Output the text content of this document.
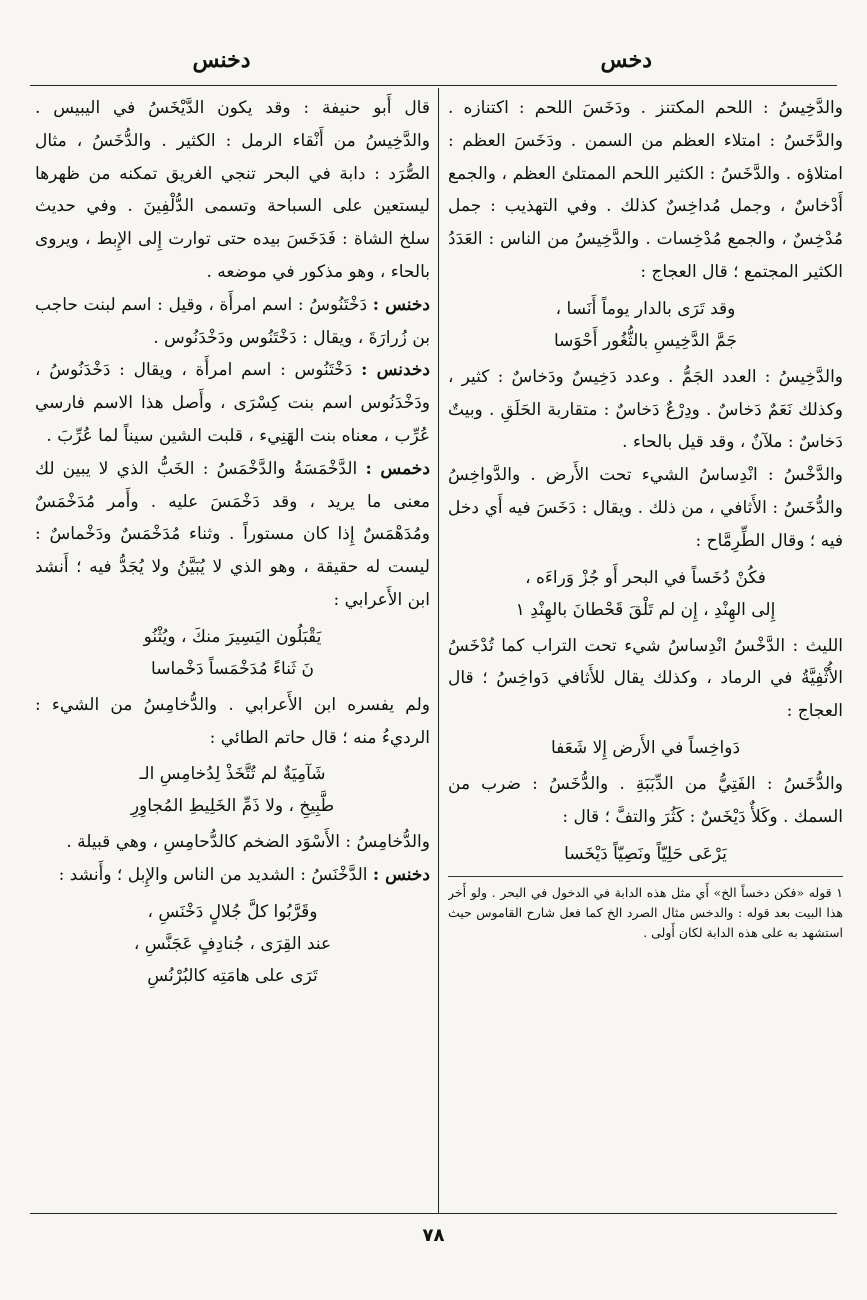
دخس
دخنس

والدَّخِيسُ : اللحم المكتنز . ودَخَسَ اللحم : اكتنازه . والدَّخَسُ : امتلاء العظم من السمن . ودَخَسَ العظم : امتلاؤه . والدَّخَسُ : الكثير اللحم الممتلئ العظم ، والجمع أَدْخاسٌ ، وجمل مُداخِسٌ كذلك . وفي التهذيب : جمل مُدْخِسٌ ، والجمع مُدْخِسات . والدَّخِيسُ من الناس : العَدَدُ الكثير المجتمع ؛ قال العجاج :

وقد تَرَى بالدار يوماً أَنَسا ،
جَمَّ الدَّخِيسِ بالثُّغُور أَحْوَسا

والدَّخِيسُ : العدد الجَمُّ . وعدد دَخِيسٌ ودَخاسٌ : كثير ، وكذلك نَعَمٌ دَخاسٌ . ودِرْعٌ دَخاسٌ : متقاربة الحَلَقِ . وبيتٌ دَخاسٌ : ملآنٌ ، وقد قيل بالحاء .

والدَّخْسُ : انْدِساسُ الشيء تحت الأَرض . والدَّواخِسُ والدُّخَسُ : الأَثافي ، من ذلك . ويقال : دَخَسَ فيه أَي دخل فيه ؛ وقال الطِّرِمَّاح :

فكُنْ دُخَساً في البحر أَو جُزْ وَراءَه ،
إِلى الهِنْدِ ، إِن لم تَلْقَ قَحْطانَ بالهِنْدِ ١

الليث : الدَّخْسُ انْدِساسُ شيء تحت التراب كما تُدْخَسُ الأُثْفِيَّةُ في الرماد ، وكذلك يقال للأَثافي دَواخِسُ ؛ قال العجاج :

دَواخِساً في الأَرض إِلا شَعَفا

والدُّخَسُ : الفَتِيُّ من الدِّبَبَةِ . والدُّخَسُ : ضرب من السمك . وكَلأٌ دَيْخَسٌ : كَثُرَ والتفَّ ؛ قال :

يَرْعَى حَلِيّاً ونَصِيّاً دَيْخَسا
١ قوله «فكن دخساً الخ» أَي مثل هذه الدابة في الدخول في البحر . ولو أَخر هذا البيت بعد قوله : والدخس مثال الصرد الخ كما فعل شارح القاموس حيث استشهد به على هذه الدابة لكان أَولى .

قال أَبو حنيفة : وقد يكون الدَّيْخَسُ في اليبيس . والدَّخِيسُ من أَنْقاء الرمل : الكثير . والدُّخَسُ ، مثال الصُّرَد : دابة في البحر تنجي الغريق تمكنه من ظهرها ليستعين على السباحة وتسمى الدُّلْفِينَ . وفي حديث سلخ الشاة : فَدَخَسَ بيده حتى توارت إِلى الإِبط ، ويروى بالحاء ، وهو مذكور في موضعه .

دخنس : دَخْتَنُوسُ : اسم امرأَة ، وقيل : اسم لبنت حاجب بن زُرارَةَ ، ويقال : دَخْتَنُوس ودَخْدَنُوس .

دخدنس : دَخْتَنُوس : اسم امرأَة ، ويقال : دَخْدَنُوسُ ، ودَخْدَنُوس اسم بنت كِسْرَى ، وأَصل هذا الاسم فارسي عُرِّب ، معناه بنت الهَنِيء ، قلبت الشين سيناً لما عُرِّبَ .

دخمس : الدَّخْمَسَةُ والدَّخْمَسُ : الخَبُّ الذي لا يبين لك معنى ما يريد ، وقد دَخْمَسَ عليه . وأَمر مُدَخْمَسٌ ومُدَهْمَسٌ إِذا كان مستوراً . وثناء مُدَخْمَسٌ ودَخْماسٌ : ليست له حقيقة ، وهو الذي لا يُبَيَّنُ ولا يُجَدُّ فيه ؛ أَنشد ابن الأَعرابي :

يَقْبَلُون اليَسِيرَ منكَ ، ويُثْنُو
نَ ثَناءً مُدَخْمَساً دَخْماسا

ولم يفسره ابن الأَعرابي . والدُّخامِسُ من الشيء : الرديءُ منه ؛ قال حاتم الطائي :

شَآمِيَةٌ لم تُتَّخَذْ لِدُخامِسِ الـ
طَّبِيخِ ، ولا ذَمِّ الخَلِيطِ المُجاوِرِ

والدُّخامِسُ : الأَسْوَد الضخم كالدُّحامِسِ ، وهي قبيلة .

دخنس : الدَّخْنَسُ : الشديد من الناس والإِبل ؛ وأَنشد :

وقَرَّبُوا كلَّ جُلالٍ دَخْنَسِ ،
عند القِرَى ، جُنادِفٍ عَجَنَّسِ ،
تَرَى على هامَتِه كالبُرْنُسِ
٧٨
